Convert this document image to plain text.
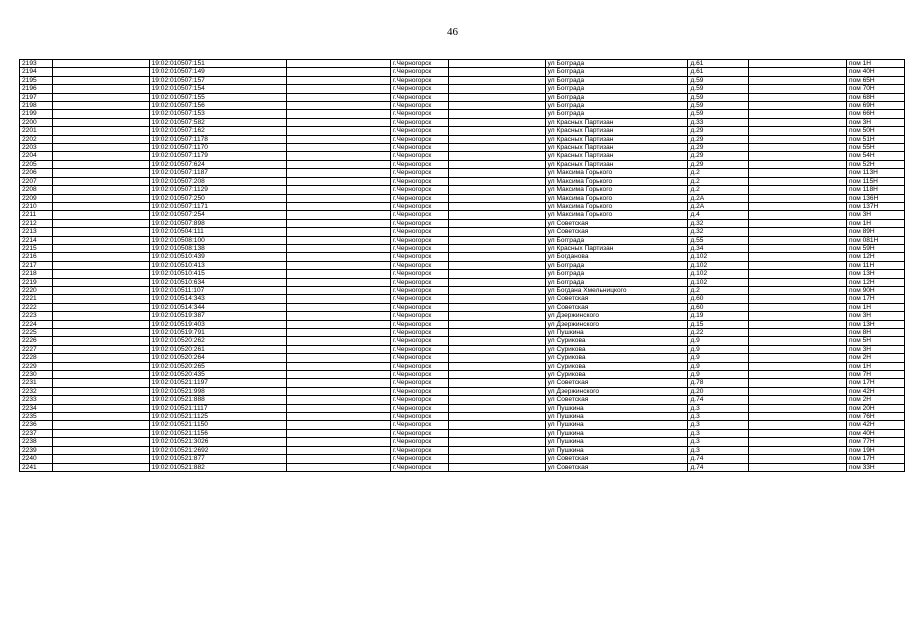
46
2193		19:02:010507:151		г.Черногорск		ул Богграда	д.61		пом 1Н
2194		19:02:010507:149		г.Черногорск		ул Богграда	д.61		пом 40Н
2195		19:02:010507:157		г.Черногорск		ул Богграда	д.59		пом 65Н
2196		19:02:010507:154		г.Черногорск		ул Богграда	д.59		пом 70Н
2197		19:02:010507:155		г.Черногорск		ул Богграда	д.59		пом 68Н
2198		19:02:010507:156		г.Черногорск		ул Богграда	д.59		пом 69Н
2199		19:02:010507:153		г.Черногорск		ул Богграда	д.59		пом 66Н
2200		19:02:010507:582		г.Черногорск		ул Красных Партизан	д.33		пом 3Н
2201		19:02:010507:162		г.Черногорск		ул Красных Партизан	д.29		пом 50Н
2202		19:02:010507:1178		г.Черногорск		ул Красных Партизан	д.29		пом 51Н
2203		19:02:010507:1170		г.Черногорск		ул Красных Партизан	д.29		пом 55Н
2204		19:02:010507:1179		г.Черногорск		ул Красных Партизан	д.29		пом 54Н
2205		19:02:010507:624		г.Черногорск		ул Красных Партизан	д.29		пом 52Н
2206		19:02:010507:1187		г.Черногорск		ул Максима Горького	д.2		пом 113Н
2207		19:02:010507:208		г.Черногорск		ул Максима Горького	д.2		пом 115Н
2208		19:02:010507:1129		г.Черногорск		ул Максима Горького	д.2		пом 118Н
2209		19:02:010507:250		г.Черногорск		ул Максима Горького	д.2А		пом 136Н
2210		19:02:010507:1171		г.Черногорск		ул Максима Горького	д.2А		пом 137Н
2211		19:02:010507:254		г.Черногорск		ул Максима Горького	д.4		пом 3Н
2212		19:02:010507:898		г.Черногорск		ул Советская	д.32		пом 1Н
2213		19:02:010504:111		г.Черногорск		ул Советская	д.32		пом 89Н
2214		19:02:010508:100		г.Черногорск		ул Богграда	д.55		пом 081Н
2215		19:02:010508:138		г.Черногорск		ул Красных Партизан	д.34		пом 59Н
2216		19:02:010510:439		г.Черногорск		ул Богданова	д.102		пом 12Н
2217		19:02:010510:413		г.Черногорск		ул Богграда	д.102		пом 11Н
2218		19:02:010510:415		г.Черногорск		ул Богграда	д.102		пом 13Н
2219		19:02:010510:634		г.Черногорск		ул Богграда	д.102		пом 12Н
2220		19:02:010511:107		г.Черногорск		ул Богдана Хмельницкого	д.2		пом 90Н
2221		19:02:010514:343		г.Черногорск		ул Советская	д.60		пом 17Н
2222		19:02:010514:344		г.Черногорск		ул Советская	д.60		пом 1Н
2223		19:02:010519:387		г.Черногорск		ул Дзержинского	д.19		пом 3Н
2224		19:02:010519:403		г.Черногорск		ул Дзержинского	д.15		пом 13Н
2225		19:02:010519:791		г.Черногорск		ул Пушкина	д.22		пом 8Н
2226		19:02:010520:262		г.Черногорск		ул Сурикова	д.9		пом 5Н
2227		19:02:010520:261		г.Черногорск		ул Сурикова	д.9		пом 3Н
2228		19:02:010520:264		г.Черногорск		ул Сурикова	д.9		пом 2Н
2229		19:02:010520:265		г.Черногорск		ул Сурикова	д.9		пом 1Н
2230		19:02:010520:435		г.Черногорск		ул Сурикова	д.9		пом 7Н
2231		19:02:010521:1197		г.Черногорск		ул Советская	д.78		пом 17Н
2232		19:02:010521:998		г.Черногорск		ул Дзержинского	д.20		пом 42Н
2233		19:02:010521:888		г.Черногорск		ул Советская	д.74		пом 2Н
2234		19:02:010521:1117		г.Черногорск		ул Пушкина	д.3		пом 20Н
2235		19:02:010521:1125		г.Черногорск		ул Пушкина	д.3		пом 76Н
2236		19:02:010521:1150		г.Черногорск		ул Пушкина	д.3		пом 42Н
2237		19:02:010521:1156		г.Черногорск		ул Пушкина	д.3		пом 40Н
2238		19:02:010521:3026		г.Черногорск		ул Пушкина	д.3		пом 77Н
2239		19:02:010521:2692		г.Черногорск		ул Пушкина	д.3		пом 19Н
2240		19:02:010521:877		г.Черногорск		ул Советская	д.74		пом 17Н
2241		19:02:010521:882		г.Черногорск		ул Советская	д.74		пом 33Н
